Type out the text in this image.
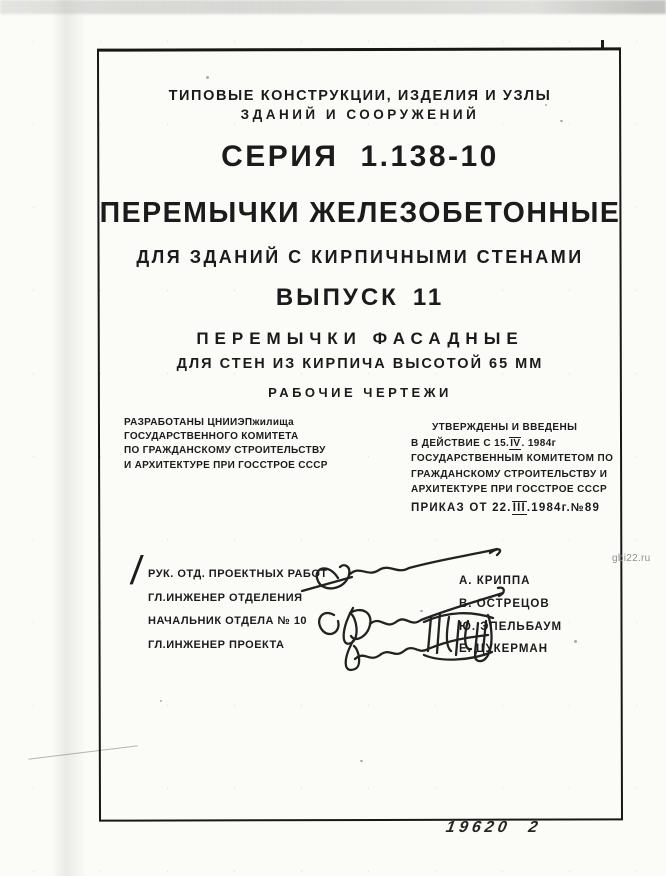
ТИПОВЫЕ КОНСТРУКЦИИ, ИЗДЕЛИЯ И УЗЛЫ
ЗДАНИЙ И СООРУЖЕНИЙ
СЕРИЯ 1.138-10
ПЕРЕМЫЧКИ ЖЕЛЕЗОБЕТОННЫЕ
ДЛЯ ЗДАНИЙ С КИРПИЧНЫМИ СТЕНАМИ
ВЫПУСК 11
ПЕРЕМЫЧКИ ФАСАДНЫЕ
ДЛЯ СТЕН ИЗ КИРПИЧА ВЫСОТОЙ 65 ММ
РАБОЧИЕ ЧЕРТЕЖИ
РАЗРАБОТАНЫ ЦНИИЭПжилища
ГОСУДАРСТВЕННОГО КОМИТЕТА
ПО ГРАЖДАНСКОМУ СТРОИТЕЛЬСТВУ
И АРХИТЕКТУРЕ ПРИ ГОССТРОЕ СССР
УТВЕРЖДЕНЫ И ВВЕДЕНЫ
В ДЕЙСТВИЕ С 15.IV. 1984г
ГОСУДАРСТВЕННЫМ КОМИТЕТОМ ПО
ГРАЖДАНСКОМУ СТРОИТЕЛЬСТВУ И
АРХИТЕКТУРЕ ПРИ ГОССТРОЕ СССР
ПРИКАЗ ОТ 22.III.1984г.№89
/ РУК. ОТД. ПРОЕКТНЫХ РАБОТ
ГЛ.ИНЖЕНЕР ОТДЕЛЕНИЯ
НАЧАЛЬНИК ОТДЕЛА № 10
ГЛ.ИНЖЕНЕР ПРОЕКТА
А. КРИППА
В. ОСТРЕЦОВ
Ю. ЭПЕЛЬБАУМ
Е. ЦУКЕРМАН
gbi22.ru
19620 2
